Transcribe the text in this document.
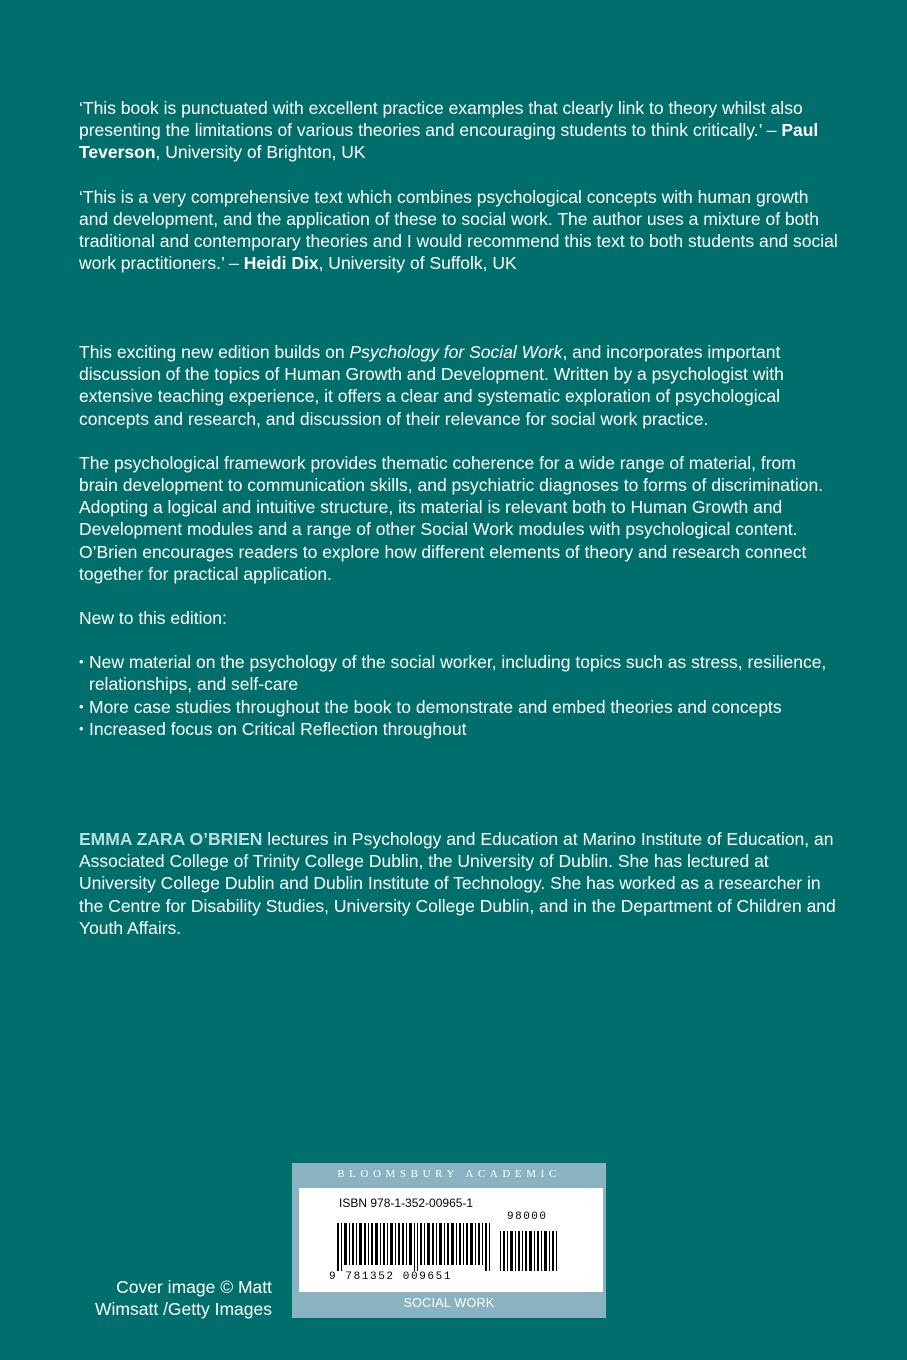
‘This book is punctuated with excellent practice examples that clearly link to theory whilst also presenting the limitations of various theories and encouraging students to think critically.’ – Paul Teverson, University of Brighton, UK

‘This is a very comprehensive text which combines psychological concepts with human growth and development, and the application of these to social work. The author uses a mixture of both traditional and contemporary theories and I would recommend this text to both students and social work practitioners.’ – Heidi Dix, University of Suffolk, UK

This exciting new edition builds on Psychology for Social Work, and incorporates important discussion of the topics of Human Growth and Development. Written by a psychologist with extensive teaching experience, it offers a clear and systematic exploration of psychological concepts and research, and discussion of their relevance for social work practice.

The psychological framework provides thematic coherence for a wide range of material, from brain development to communication skills, and psychiatric diagnoses to forms of discrimination. Adopting a logical and intuitive structure, its material is relevant both to Human Growth and Development modules and a range of other Social Work modules with psychological content. O’Brien encourages readers to explore how different elements of theory and research connect together for practical application.

New to this edition:

• New material on the psychology of the social worker, including topics such as stress, resilience, relationships, and self-care
• More case studies throughout the book to demonstrate and embed theories and concepts
• Increased focus on Critical Reflection throughout

EMMA ZARA O’BRIEN lectures in Psychology and Education at Marino Institute of Education, an Associated College of Trinity College Dublin, the University of Dublin. She has lectured at University College Dublin and Dublin Institute of Technology. She has worked as a researcher in the Centre for Disability Studies, University College Dublin, and in the Department of Children and Youth Affairs.

Cover image © Matt Wimsatt /Getty Images
BLOOMSBURY ACADEMIC
ISBN 978-1-352-00965-1
98000
9 781352 009651
SOCIAL WORK
